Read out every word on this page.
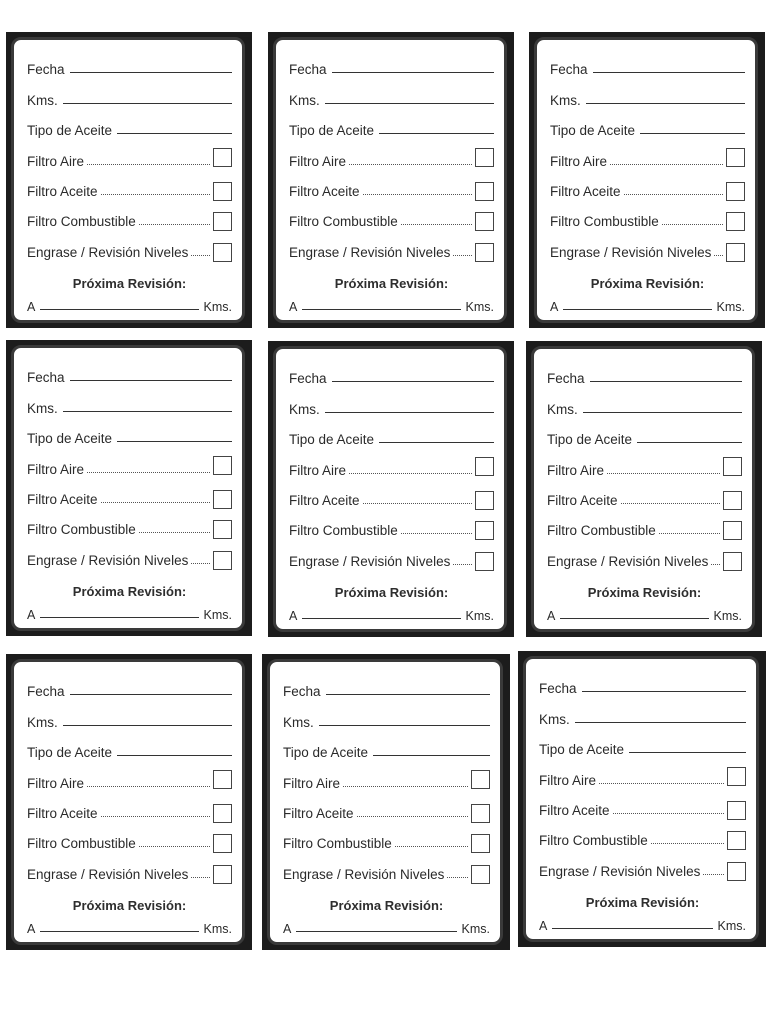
Fecha
Kms.
Tipo de Aceite
Filtro Aire
Filtro Aceite
Filtro Combustible
Engrase / Revisión Niveles
Próxima Revisión:
A	Kms.
Fecha
Kms.
Tipo de Aceite
Filtro Aire
Filtro Aceite
Filtro Combustible
Engrase / Revisión Niveles
Próxima Revisión:
A	Kms.
Fecha
Kms.
Tipo de Aceite
Filtro Aire
Filtro Aceite
Filtro Combustible
Engrase / Revisión Niveles
Próxima Revisión:
A	Kms.
Fecha
Kms.
Tipo de Aceite
Filtro Aire
Filtro Aceite
Filtro Combustible
Engrase / Revisión Niveles
Próxima Revisión:
A	Kms.
Fecha
Kms.
Tipo de Aceite
Filtro Aire
Filtro Aceite
Filtro Combustible
Engrase / Revisión Niveles
Próxima Revisión:
A	Kms.
Fecha
Kms.
Tipo de Aceite
Filtro Aire
Filtro Aceite
Filtro Combustible
Engrase / Revisión Niveles
Próxima Revisión:
A	Kms.
Fecha
Kms.
Tipo de Aceite
Filtro Aire
Filtro Aceite
Filtro Combustible
Engrase / Revisión Niveles
Próxima Revisión:
A	Kms.
Fecha
Kms.
Tipo de Aceite
Filtro Aire
Filtro Aceite
Filtro Combustible
Engrase / Revisión Niveles
Próxima Revisión:
A	Kms.
Fecha
Kms.
Tipo de Aceite
Filtro Aire
Filtro Aceite
Filtro Combustible
Engrase / Revisión Niveles
Próxima Revisión:
A	Kms.
